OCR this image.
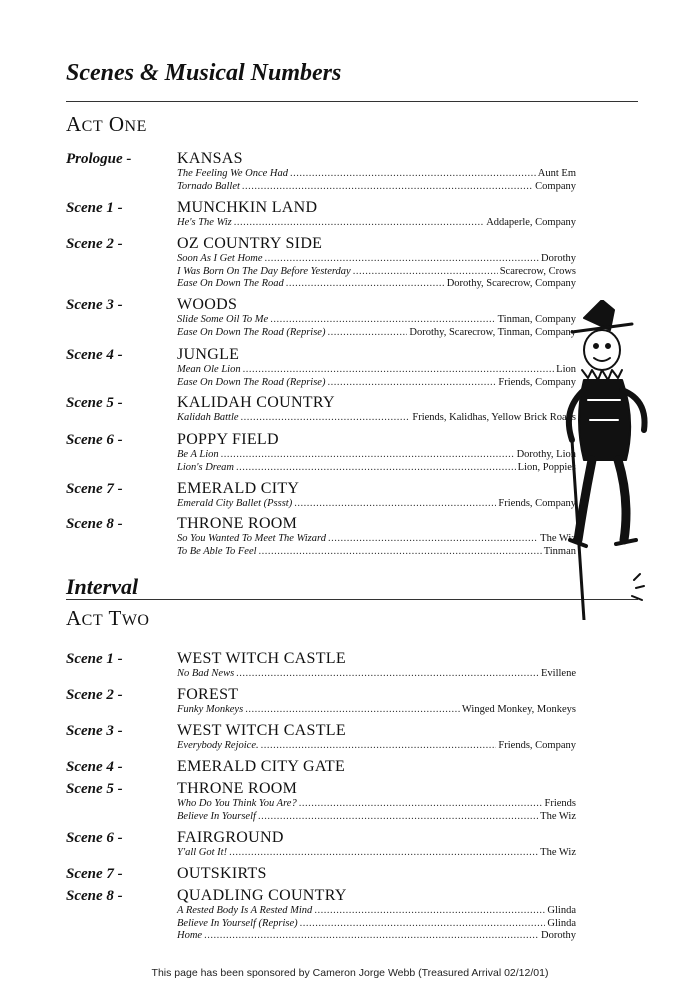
Scenes & Musical Numbers
ACT ONE
Prologue -	KANSAS
The Feeling We Once Had .....	Aunt Em
Tornado Ballet .....	Company
Scene 1 -	MUNCHKIN LAND
He's The Wiz .....	Addaperle, Company
Scene 2 -	OZ COUNTRY SIDE
Soon As I Get Home .....	Dorothy
I Was Born On The Day Before Yesterday .....	Scarecrow, Crows
Ease On Down The Road .....	Dorothy, Scarecrow, Company
Scene 3 -	WOODS
Slide Some Oil To Me .....	Tinman, Company
Ease On Down The Road (Reprise) .....	Dorothy, Scarecrow, Tinman, Company
Scene 4 -	JUNGLE
Mean Ole Lion .....	Lion
Ease On Down The Road (Reprise) .....	Friends, Company
Scene 5 -	KALIDAH COUNTRY
Kalidah Battle .....	Friends, Kalidhas, Yellow Brick Roads
Scene 6 -	POPPY FIELD
Be A Lion .....	Dorothy, Lion
Lion's Dream .....	Lion, Poppies
Scene 7 -	EMERALD CITY
Emerald City Ballet (Pssst) .....	Friends, Company
Scene 8 -	THRONE ROOM
So You Wanted To Meet The Wizard .....	The Wiz
To Be Able To Feel .....	Tinman
Interval
ACT TWO
Scene 1 -	WEST WITCH CASTLE
No Bad News .....	Evillene
Scene 2 -	FOREST
Funky Monkeys .....	Winged Monkey, Monkeys
Scene 3 -	WEST WITCH CASTLE
Everybody Rejoice. .....	Friends, Company
Scene 4 -	EMERALD CITY GATE
Scene 5 -	THRONE ROOM
Who Do You Think You Are? .....	Friends
Believe In Yourself .....	The Wiz
Scene 6 -	FAIRGROUND
Y'all Got It! .....	The Wiz
Scene 7 -	OUTSKIRTS
Scene 8 -	QUADLING COUNTRY
A Rested Body Is A Rested Mind .....	Glinda
Believe In Yourself (Reprise) .....	Glinda
Home .....	Dorothy
This page has been sponsored by Cameron Jorge Webb (Treasured Arrival 02/12/01)
